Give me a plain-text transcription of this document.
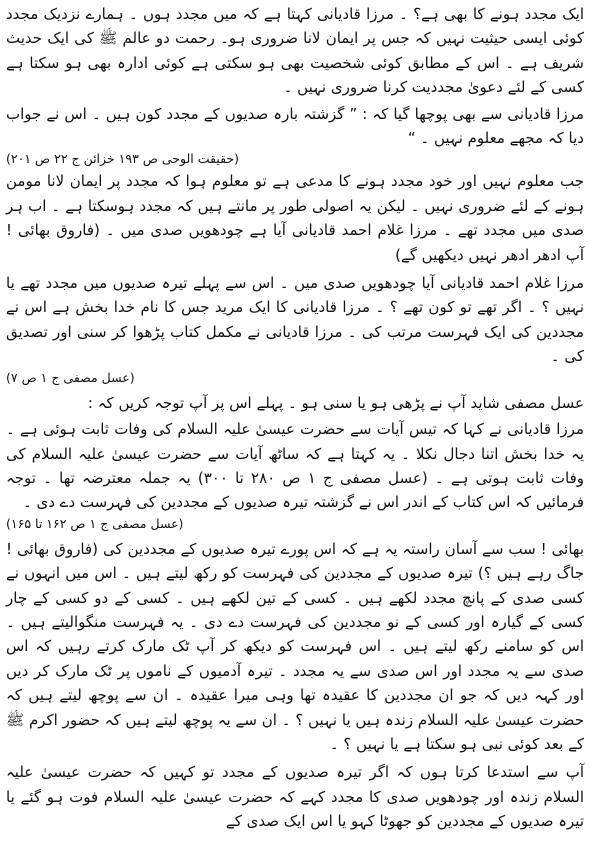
ایک مجدد ہونے کا بھی ہے؟ ۔ مرزا قادیانی کہتا ہے کہ میں مجدد ہوں ۔ ہمارے نزدیک مجدد کوئی ایسی حیثیت نہیں کہ جس پر ایمان لانا ضروری ہو۔ رحمت دو عالم ﷺ کی ایک حدیث شریف ہے ۔ اس کے مطابق کوئی شخصیت بھی ہو سکتی ہے کوئی ادارہ بھی ہو سکتا ہے کسی کے لئے دعویٰ مجددیت کرنا ضروری نہیں ۔

مرزا قادیانی سے بھی پوچھا گیا کہ : ” گزشتہ بارہ صدیوں کے مجدد کون ہیں ۔ اس نے جواب دیا کہ مجھے معلوم نہیں ۔ “

(حقیقت الوحی ص ۱۹۳ خزائن ج ۲۲ ص ۲۰۱)

جب معلوم نہیں اور خود مجدد ہونے کا مدعی ہے تو معلوم ہوا کہ مجدد پر ایمان لانا مومن ہونے کے لئے ضروری نہیں ۔ لیکن یہ اصولی طور پر مانتے ہیں کہ مجدد ہوسکتا ہے ۔ اب ہر صدی میں مجدد تھے ۔ مرزا غلام احمد قادیانی آیا ہے چودھویں صدی میں ۔ (فاروق بھائی ! آپ ادھر ادھر نہیں دیکھیں گے)

مرزا غلام احمد قادیانی آیا چودھویں صدی میں ۔ اس سے پہلے تیرہ صدیوں میں مجدد تھے یا نہیں ؟ ۔ اگر تھے تو کون تھے ؟ ۔ مرزا قادیانی کا ایک مرید جس کا نام خدا بخش ہے اس نے مجددین کی ایک فہرست مرتب کی ۔ مرزا قادیانی نے مکمل کتاب پڑھوا کر سنی اور تصدیق کی ۔

(عسل مصفی ج ۱ ص ۷)

عسل مصفی شاید آپ نے پڑھی ہو یا سنی ہو ۔ پہلے اس پر آپ توجہ کریں کہ :

مرزا قادیانی نے کہا کہ تیس آیات سے حضرت عیسیٰ علیہ السلام کی وفات ثابت ہوئی ہے ۔ یہ خدا بخش اتنا دجال نکلا ۔ یہ کہتا ہے کہ ساٹھ آیات سے حضرت عیسیٰ علیہ السلام کی وفات ثابت ہوتی ہے ۔ (عسل مصفی ج ۱ ص ۲۸۰ تا ۳۰۰) یہ جملہ معترضہ تھا ۔ توجہ فرمائیں کہ اس کتاب کے اندر اس نے گزشتہ تیرہ صدیوں کے مجددین کی فہرست دے دی ۔

(عسل مصفی ج ۱ ص ۱۶۲ تا ۱۶۵)

بھائی ! سب سے آسان راستہ یہ ہے کہ اس پورے تیرہ صدیوں کے مجددین کی (فاروق بھائی ! جاگ رہے ہیں ؟) تیرہ صدیوں کے مجددین کی فہرست کو رکھ لیتے ہیں ۔ اس میں انہوں نے کسی صدی کے پانچ مجدد لکھے ہیں ۔ کسی کے تین لکھے ہیں ۔ کسی کے دو کسی کے چار کسی کے گیارہ اور کسی کے نو مجددین کی فہرست دے دی ۔ یہ فہرست منگوالیتے ہیں ۔ اس کو سامنے رکھ لیتے ہیں ۔ اس فہرست کو دیکھ کر آپ ٹک مارک کرتے رہیں کہ اس صدی سے یہ مجدد اور اس صدی سے یہ مجدد ۔ تیرہ آدمیوں کے ناموں پر ٹک مارک کر دیں اور کہہ دیں کہ جو ان مجددین کا عقیدہ تھا وہی میرا عقیدہ ۔ ان سے پوچھ لیتے ہیں کہ حضرت عیسیٰ علیہ السلام زندہ ہیں یا نہیں ؟ ۔ ان سے یہ پوچھ لیتے ہیں کہ حضور اکرم ﷺ کے بعد کوئی نبی ہو سکتا ہے یا نہیں ؟ ۔

آپ سے استدعا کرتا ہوں کہ اگر تیرہ صدیوں کے مجدد تو کہیں کہ حضرت عیسیٰ علیہ السلام زندہ اور چودھویں صدی کا مجدد کہے کہ حضرت عیسیٰ علیہ السلام فوت ہو گئے یا تیرہ صدیوں کے مجددین کو جھوٹا کہو یا اس ایک صدی کے
